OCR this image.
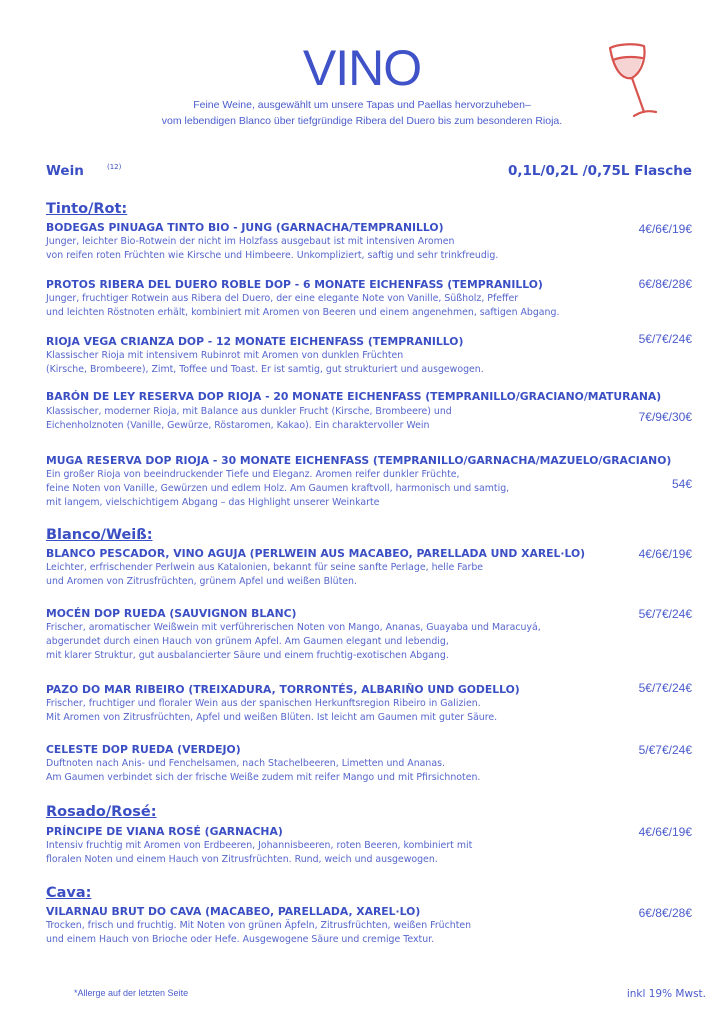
VINO
Feine Weine, ausgewählt um unsere Tapas und Paellas hervorzuheben–
vom lebendigen Blanco über tiefgründige Ribera del Duero bis zum besonderen Rioja.
Wein	(12)	0,1L/0,2L /0,75L Flasche
Tinto/Rot:
BODEGAS PINUAGA TINTO BIO - JUNG (GARNACHA/TEMPRANILLO)
Junger, leichter Bio-Rotwein der nicht im Holzfass ausgebaut ist mit intensiven Aromen
von reifen roten Früchten wie Kirsche und Himbeere. Unkompliziert, saftig und sehr trinkfreudig.
4€/6€/19€
PROTOS RIBERA DEL DUERO ROBLE DOP - 6 MONATE EICHENFASS (TEMPRANILLO)
Junger, fruchtiger Rotwein aus Ribera del Duero, der eine elegante Note von Vanille, Süßholz, Pfeffer
und leichten Röstnoten erhält, kombiniert mit Aromen von Beeren und einem angenehmen, saftigen Abgang.
6€/8€/28€
RIOJA VEGA CRIANZA DOP - 12 MONATE EICHENFASS (TEMPRANILLO)
Klassischer Rioja mit intensivem Rubinrot mit Aromen von dunklen Früchten
(Kirsche, Brombeere), Zimt, Toffee und Toast. Er ist samtig, gut strukturiert und ausgewogen.
5€/7€/24€
BARÓN DE LEY RESERVA DOP RIOJA - 20 MONATE EICHENFASS (TEMPRANILLO/GRACIANO/MATURANA)
Klassischer, moderner Rioja, mit Balance aus dunkler Frucht (Kirsche, Brombeere) und
Eichenholznoten (Vanille, Gewürze, Röstaromen, Kakao). Ein charaktervoller Wein
7€/9€/30€
MUGA RESERVA DOP RIOJA - 30 MONATE EICHENFASS (TEMPRANILLO/GARNACHA/MAZUELO/GRACIANO)
Ein großer Rioja von beeindruckender Tiefe und Eleganz. Aromen reifer dunkler Früchte,
feine Noten von Vanille, Gewürzen und edlem Holz. Am Gaumen kraftvoll, harmonisch und samtig,
mit langem, vielschichtigem Abgang – das Highlight unserer Weinkarte
54€
Blanco/Weiß:
BLANCO PESCADOR, VINO AGUJA (PERLWEIN AUS MACABEO, PARELLADA UND XAREL·LO)
Leichter, erfrischender Perlwein aus Katalonien, bekannt für seine sanfte Perlage, helle Farbe
und Aromen von Zitrusfrüchten, grünem Apfel und weißen Blüten.
4€/6€/19€
MOCÉN DOP RUEDA (SAUVIGNON BLANC)
Frischer, aromatischer Weißwein mit verführerischen Noten von Mango, Ananas, Guayaba und Maracuyá,
abgerundet durch einen Hauch von grünem Apfel. Am Gaumen elegant und lebendig,
mit klarer Struktur, gut ausbalancierter Säure und einem fruchtig-exotischen Abgang.
5€/7€/24€
PAZO DO MAR RIBEIRO (TREIXADURA, TORRONTÉS, ALBARIÑO UND GODELLO)
Frischer, fruchtiger und floraler Wein aus der spanischen Herkunftsregion Ribeiro in Galizien.
Mit Aromen von Zitrusfrüchten, Apfel und weißen Blüten. Ist leicht am Gaumen mit guter Säure.
5€/7€/24€
CELESTE DOP RUEDA (VERDEJO)
Duftnoten nach Anis- und Fenchelsamen, nach Stachelbeeren, Limetten und Ananas.
Am Gaumen verbindet sich der frische Weiße zudem mit reifer Mango und mit Pfirsichnoten.
5/€7€/24€
Rosado/Rosé:
PRÍNCIPE DE VIANA ROSÉ (GARNACHA)
Intensiv fruchtig mit Aromen von Erdbeeren, Johannisbeeren, roten Beeren, kombiniert mit
floralen Noten und einem Hauch von Zitrusfrüchten. Rund, weich und ausgewogen.
4€/6€/19€
Cava:
VILARNAU BRUT DO CAVA (MACABEO, PARELLADA, XAREL·LO)
Trocken, frisch und fruchtig. Mit Noten von grünen Äpfeln, Zitrusfrüchten, weißen Früchten
und einem Hauch von Brioche oder Hefe. Ausgewogene Säure und cremige Textur.
6€/8€/28€
*Allerge auf der letzten Seite	inkl 19% Mwst.
